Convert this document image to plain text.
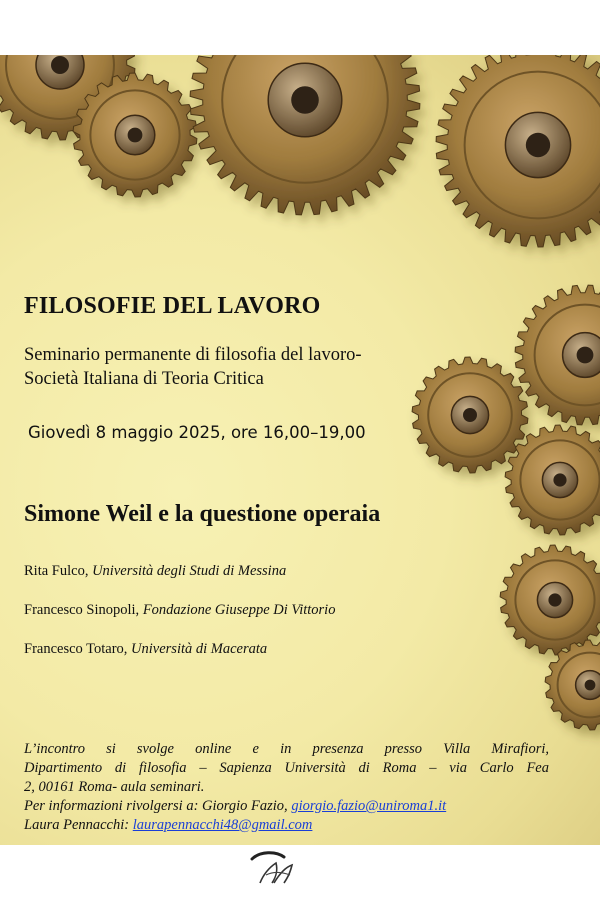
FILOSOFIE DEL LAVORO
Seminario permanente di filosofia del lavoro-Società Italiana di Teoria Critica
Giovedì 8 maggio 2025, ore 16,00–19,00
Simone Weil e la questione operaia
Rita Fulco, Università degli Studi di Messina
Francesco Sinopoli, Fondazione Giuseppe Di Vittorio
Francesco Totaro, Università di Macerata

L’incontro si svolge online e in presenza presso Villa Mirafiori,

Dipartimento di filosofia – Sapienza Università di Roma – via Carlo Fea

2, 00161 Roma- aula seminari.

Per informazioni rivolgersi a: Giorgio Fazio, giorgio.fazio@uniroma1.it

Laura Pennacchi: laurapennacchi48@gmail.com
